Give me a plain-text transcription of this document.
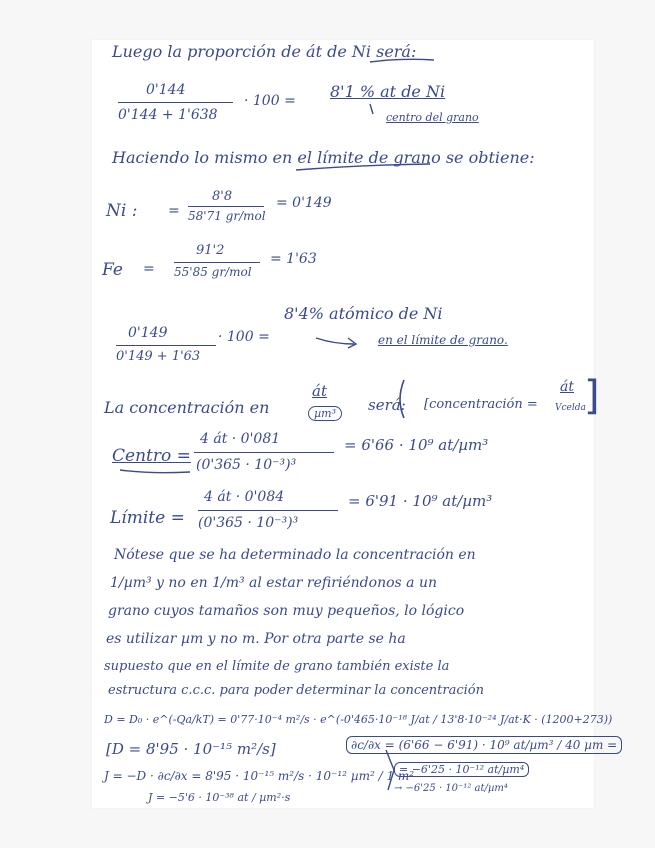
Luego la proporción de át de Ni será:
0'144
0'144 + 1'638
· 100 = 8'1 % at de Ni
centro del grano
Haciendo lo mismo en el límite de grano se obtiene:
Ni : =
8'8
58'71 gr/mol
= 0'149
Fe =
91'2
55'85 gr/mol
= 1'63
0'149
0'149 + 1'63
· 100 =
8'4% atómico de Ni
en el límite de grano.
La concentración en
át
µm³	será: [concentración =
át
Vcelda
]
Centro =
4 át · 0'081
(0'365 · 10⁻³)³
= 6'66 · 10⁹ at/µm³
Límite =
4 át · 0'084
(0'365 · 10⁻³)³
= 6'91 · 10⁹ at/µm³
Nótese que se ha determinado la concentración en
1/µm³ y no en 1/m³ al estar refiriéndonos a un
grano cuyos tamaños son muy pequeños, lo lógico
es utilizar µm y no m. Por otra parte se ha
supuesto que en el límite de grano también existe la
estructura c.c.c. para poder determinar la concentración
D = D₀ · e^(-Qa/kT) = 0'77·10⁻⁴ m²/s · e^(-0'465·10⁻¹⁸ J/at / 13'8·10⁻²⁴ J/at·K · (1200+273))
[D = 8'95 · 10⁻¹⁵ m²/s]	∂c/∂x = (6'66 − 6'91) · 10⁹ at/µm³ / 40 µm =
J = −D · ∂c/∂x = 8'95 · 10⁻¹⁵ m²/s · 10⁻¹² µm² / 1 m²
= −6'25 · 10⁻¹² at/µm⁴
J = −5'6 · 10⁻³⁸ at / µm²·s
→ −6'25 · 10⁻¹² at/µm⁴
